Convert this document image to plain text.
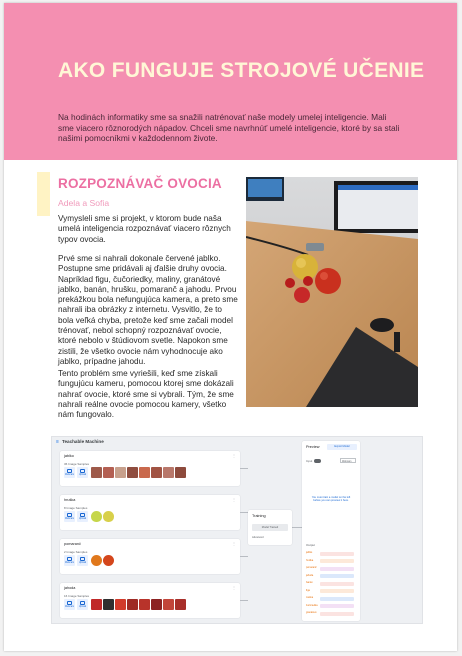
AKO FUNGUJE STROJOVÉ UČENIE

Na hodinách informatiky sme sa snažili natrénovať naše modely umelej inteligencie. Mali sme viacero rôznorodých nápadov. Chceli sme navrhnúť umelé inteligencie, ktoré by sa stali našimi pomocníkmi v každodennom živote.

ROZPOZNÁVAČ OVOCIA
Adela a Sofia

Vymysleli sme si projekt, v ktorom bude naša umelá inteligencia rozpoznávať viacero rôznych typov ovocia.

Prvé sme si nahrali dokonale červené jablko. Postupne sme pridávali aj ďalšie druhy ovocia. Napríklad figu, čučoriedky, maliny, granátové jablko, banán, hrušku, pomaranč a jahodu. Prvou prekážkou bola nefungujúca kamera, a preto sme nahrali iba obrázky z internetu. Vysvitlo, že to bola veľká chyba, pretože keď sme začali model trénovať, nebol schopný rozpoznávať ovocie, ktoré nebolo v štúdiovom svetle. Napokon sme zistili, že všetko ovocie nám vyhodnocuje ako jablko, prípadne jahodu.

Tento problém sme vyriešili, keď sme získali fungujúcu kameru, pomocou ktorej sme dokázali nahrať ovocie, ktoré sme si vybrali. Tým, že sme nahrali reálne ovocie pomocou kamery, všetko nám fungovalo.

≡ Teachable Machine
jablko	⋮
36 Image Samples
Webcam	Upload
hruška	⋮
8 Image Samples
Webcam	Upload
pomaranč	⋮
2 Image Samples
Webcam	Upload
jahoda	⋮
16 Image Samples
Webcam	Upload
Training
Model Trained
Advanced
Preview	Export Model
Input	Webcam

You must train a model on the left before you can preview it here.

Output
jablko
hruška
pomaranč
jahoda
banán
figa
malina
čučoriedka
granátové
